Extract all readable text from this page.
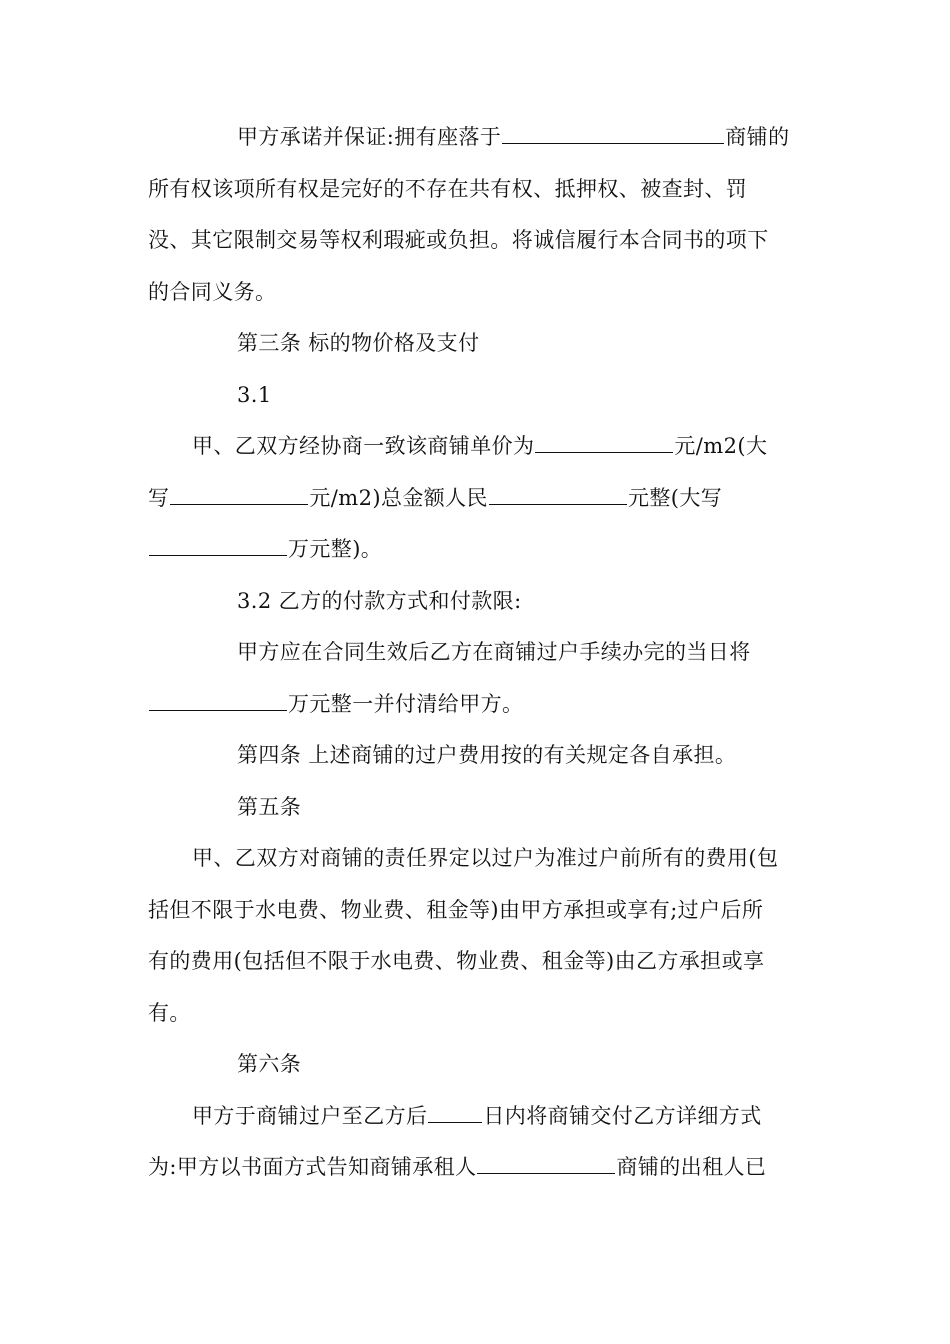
甲方承诺并保证:拥有座落于	商铺的
所有权该项所有权是完好的不存在共有权、抵押权、被查封、罚
没、其它限制交易等权利瑕疵或负担。将诚信履行本合同书的项下
的合同义务。
第三条 标的物价格及支付
3.1
甲、乙双方经协商一致该商铺单价为	元/m2(大
写	元/m2)总金额人民	元整(大写
万元整)。
3.2 乙方的付款方式和付款限:
甲方应在合同生效后乙方在商铺过户手续办完的当日将
万元整一并付清给甲方。
第四条 上述商铺的过户费用按的有关规定各自承担。
第五条
甲、乙双方对商铺的责任界定以过户为准过户前所有的费用(包
括但不限于水电费、物业费、租金等)由甲方承担或享有;过户后所
有的费用(包括但不限于水电费、物业费、租金等)由乙方承担或享
有。
第六条
甲方于商铺过户至乙方后	日内将商铺交付乙方详细方式
为:甲方以书面方式告知商铺承租人	商铺的出租人已
